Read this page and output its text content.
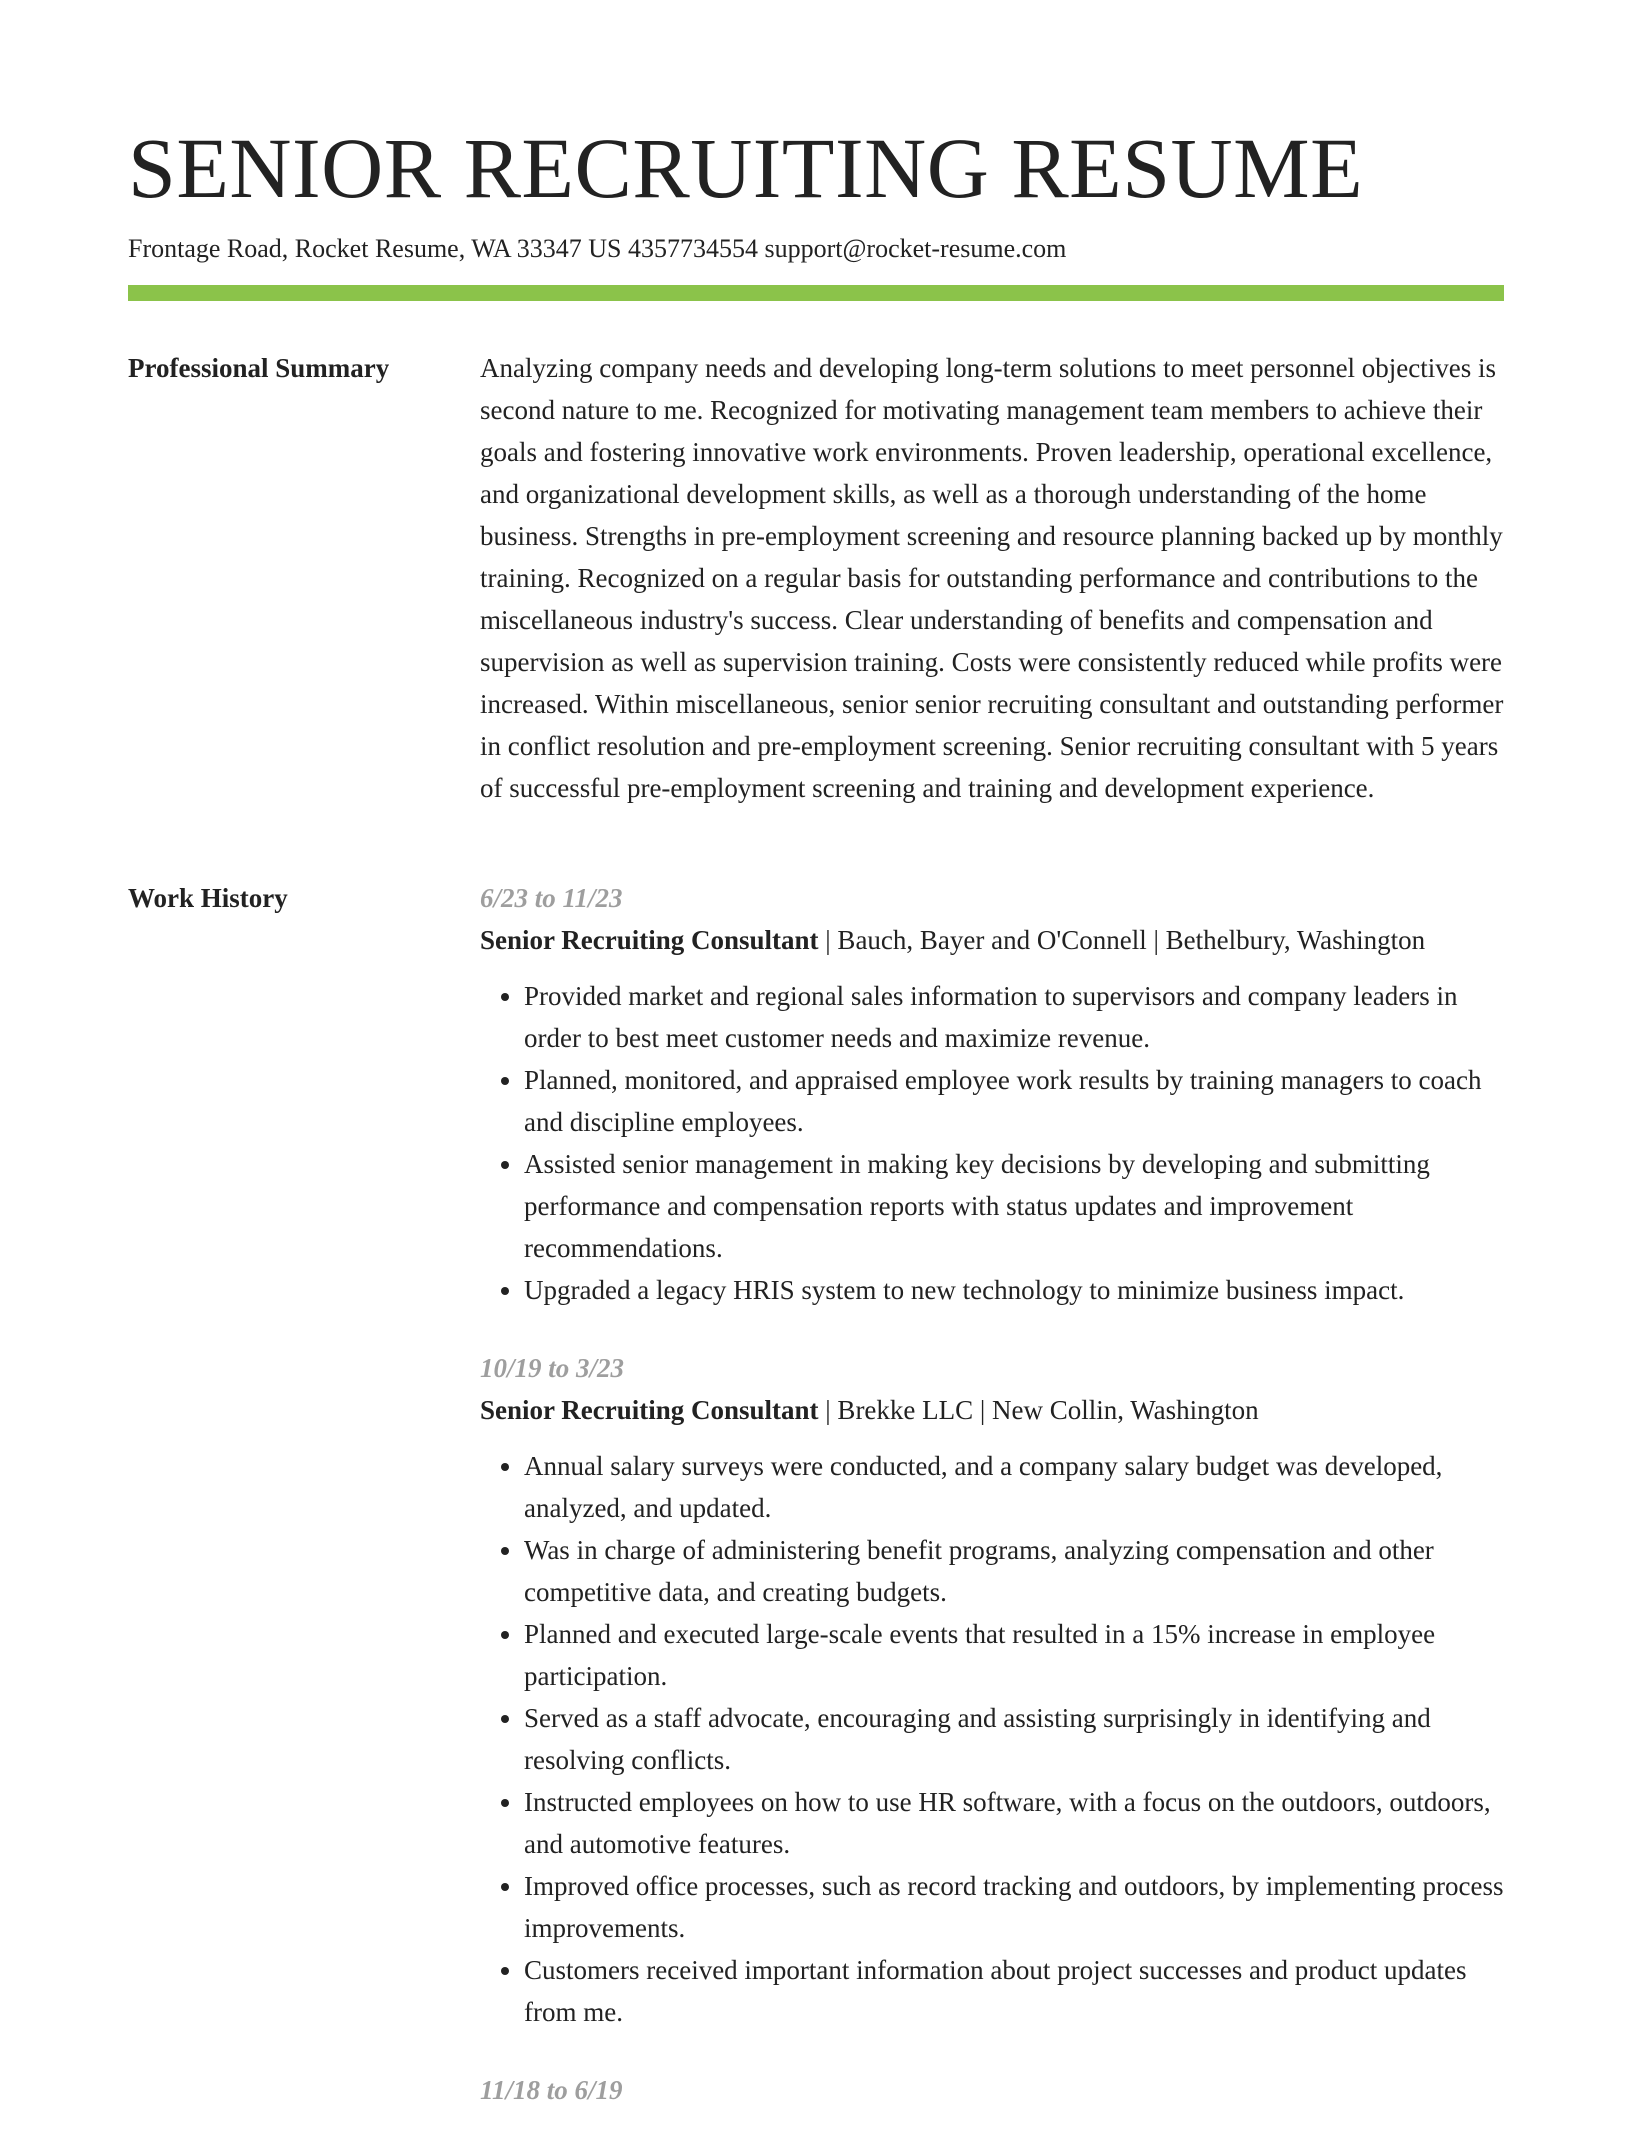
SENIOR RECRUITING RESUME
Frontage Road, Rocket Resume, WA 33347 US 4357734554 support@rocket-resume.com
Professional Summary	Analyzing company needs and developing long-term solutions to meet personnel objectives is second nature to me. Recognized for motivating management team members to achieve their goals and fostering innovative work environments. Proven leadership, operational excellence, and organizational development skills, as well as a thorough understanding of the home business. Strengths in pre-employment screening and resource planning backed up by monthly training. Recognized on a regular basis for outstanding performance and contributions to the miscellaneous industry's success. Clear understanding of benefits and compensation and supervision as well as supervision training. Costs were consistently reduced while profits were increased. Within miscellaneous, senior senior recruiting consultant and outstanding performer in conflict resolution and pre-employment screening. Senior recruiting consultant with 5 years of successful pre-employment screening and training and development experience.

Work History	6/23 to 11/23
Senior Recruiting Consultant | Bauch, Bayer and O'Connell | Bethelbury, Washington
• Provided market and regional sales information to supervisors and company leaders in order to best meet customer needs and maximize revenue.
• Planned, monitored, and appraised employee work results by training managers to coach and discipline employees.
• Assisted senior management in making key decisions by developing and submitting performance and compensation reports with status updates and improvement recommendations.
• Upgraded a legacy HRIS system to new technology to minimize business impact.
10/19 to 3/23
Senior Recruiting Consultant | Brekke LLC | New Collin, Washington
• Annual salary surveys were conducted, and a company salary budget was developed, analyzed, and updated.
• Was in charge of administering benefit programs, analyzing compensation and other competitive data, and creating budgets.
• Planned and executed large-scale events that resulted in a 15% increase in employee participation.
• Served as a staff advocate, encouraging and assisting surprisingly in identifying and resolving conflicts.
• Instructed employees on how to use HR software, with a focus on the outdoors, outdoors, and automotive features.
• Improved office processes, such as record tracking and outdoors, by implementing process improvements.
• Customers received important information about project successes and product updates from me.
11/18 to 6/19
